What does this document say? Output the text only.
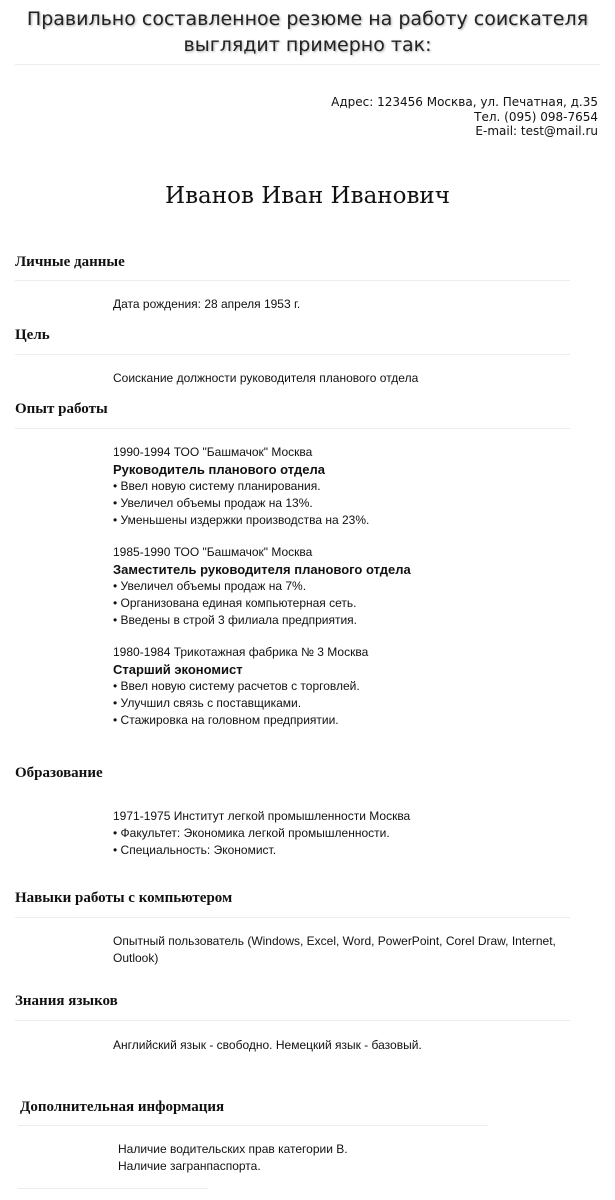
Правильно составленное резюме на работу соискателя
выглядит примерно так:
Адрес: 123456 Москва, ул. Печатная, д.35
Тел. (095) 098-7654
E-mail: test@mail.ru
Иванов Иван Иванович
Личные данные
Дата рождения: 28 апреля 1953 г.
Цель
Соискание должности руководителя планового отдела
Опыт работы
1990-1994 ТОО "Башмачок" Москва
Руководитель планового отдела
• Ввел новую систему планирования.
• Увеличел объемы продаж на 13%.
• Уменьшены издержки производства на 23%.
1985-1990 ТОО "Башмачок" Москва
Заместитель руководителя планового отдела
• Увеличел объемы продаж на 7%.
• Организована единая компьютерная сеть.
• Введены в строй 3 филиала предприятия.
1980-1984 Трикотажная фабрика № 3 Москва
Старший экономист
• Ввел новую систему расчетов с торговлей.
• Улучшил связь с поставщиками.
• Стажировка на головном предприятии.
Образование
1971-1975 Институт легкой промышленности Москва
• Факультет: Экономика легкой промышленности.
• Специальность: Экономист.
Навыки работы с компьютером
Опытный пользователь (Windows, Excel, Word, PowerPoint, Corel Draw, Internet, Outlook)
Знания языков
Английский язык - свободно. Немецкий язык - базовый.
Дополнительная информация
Наличие водительских прав категории В.
Наличие загранпаспорта.
